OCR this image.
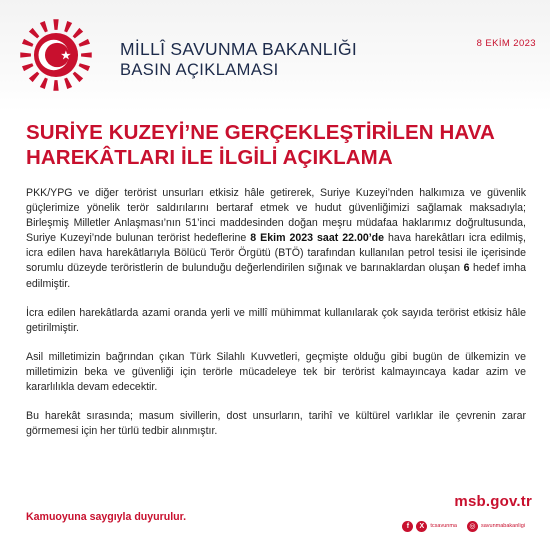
MİLLÎ SAVUNMA BAKANLIĞI
BASIN AÇIKLAMASI
8 EKİM 2023
SURİYE KUZEYİ’NE GERÇEKLEŞTİRİLEN HAVA
HAREKÂTLARI İLE İLGİLİ AÇIKLAMA

PKK/YPG ve diğer terörist unsurları etkisiz hâle getirerek, Suriye Kuzeyi’nden halkımıza ve güvenlik güçlerimize yönelik terör saldırılarını bertaraf etmek ve hudut güvenliğimizi sağlamak maksadıyla; Birleşmiş Milletler Anlaşması’nın 51’inci maddesinden doğan meşru müdafaa haklarımız doğrultusunda, Suriye Kuzeyi’nde bulunan terörist hedeflerine 8 Ekim 2023 saat 22.00’de hava harekâtları icra edilmiş, icra edilen hava harekâtlarıyla Bölücü Terör Örgütü (BTÖ) tarafından kullanılan petrol tesisi ile içerisinde sorumlu düzeyde teröristlerin de bulunduğu değerlendirilen sığınak ve barınaklardan oluşan 6 hedef imha edilmiştir.

İcra edilen harekâtlarda azami oranda yerli ve millî mühimmat kullanılarak çok sayıda terörist etkisiz hâle getirilmiştir.

Asil milletimizin bağrından çıkan Türk Silahlı Kuvvetleri, geçmişte olduğu gibi bugün de ülkemizin ve milletimizin beka ve güvenliği için terörle mücadeleye tek bir terörist kalmayıncaya kadar azim ve kararlılıkla devam edecektir.

Bu harekât sırasında; masum sivillerin, dost unsurların, tarihî ve kültürel varlıklar ile çevrenin zarar görmemesi için her türlü tedbir alınmıştır.

Kamuoyuna saygıyla duyurulur.
msb.gov.tr
f	X	tcsavunma	◎ savunmabakanligi
